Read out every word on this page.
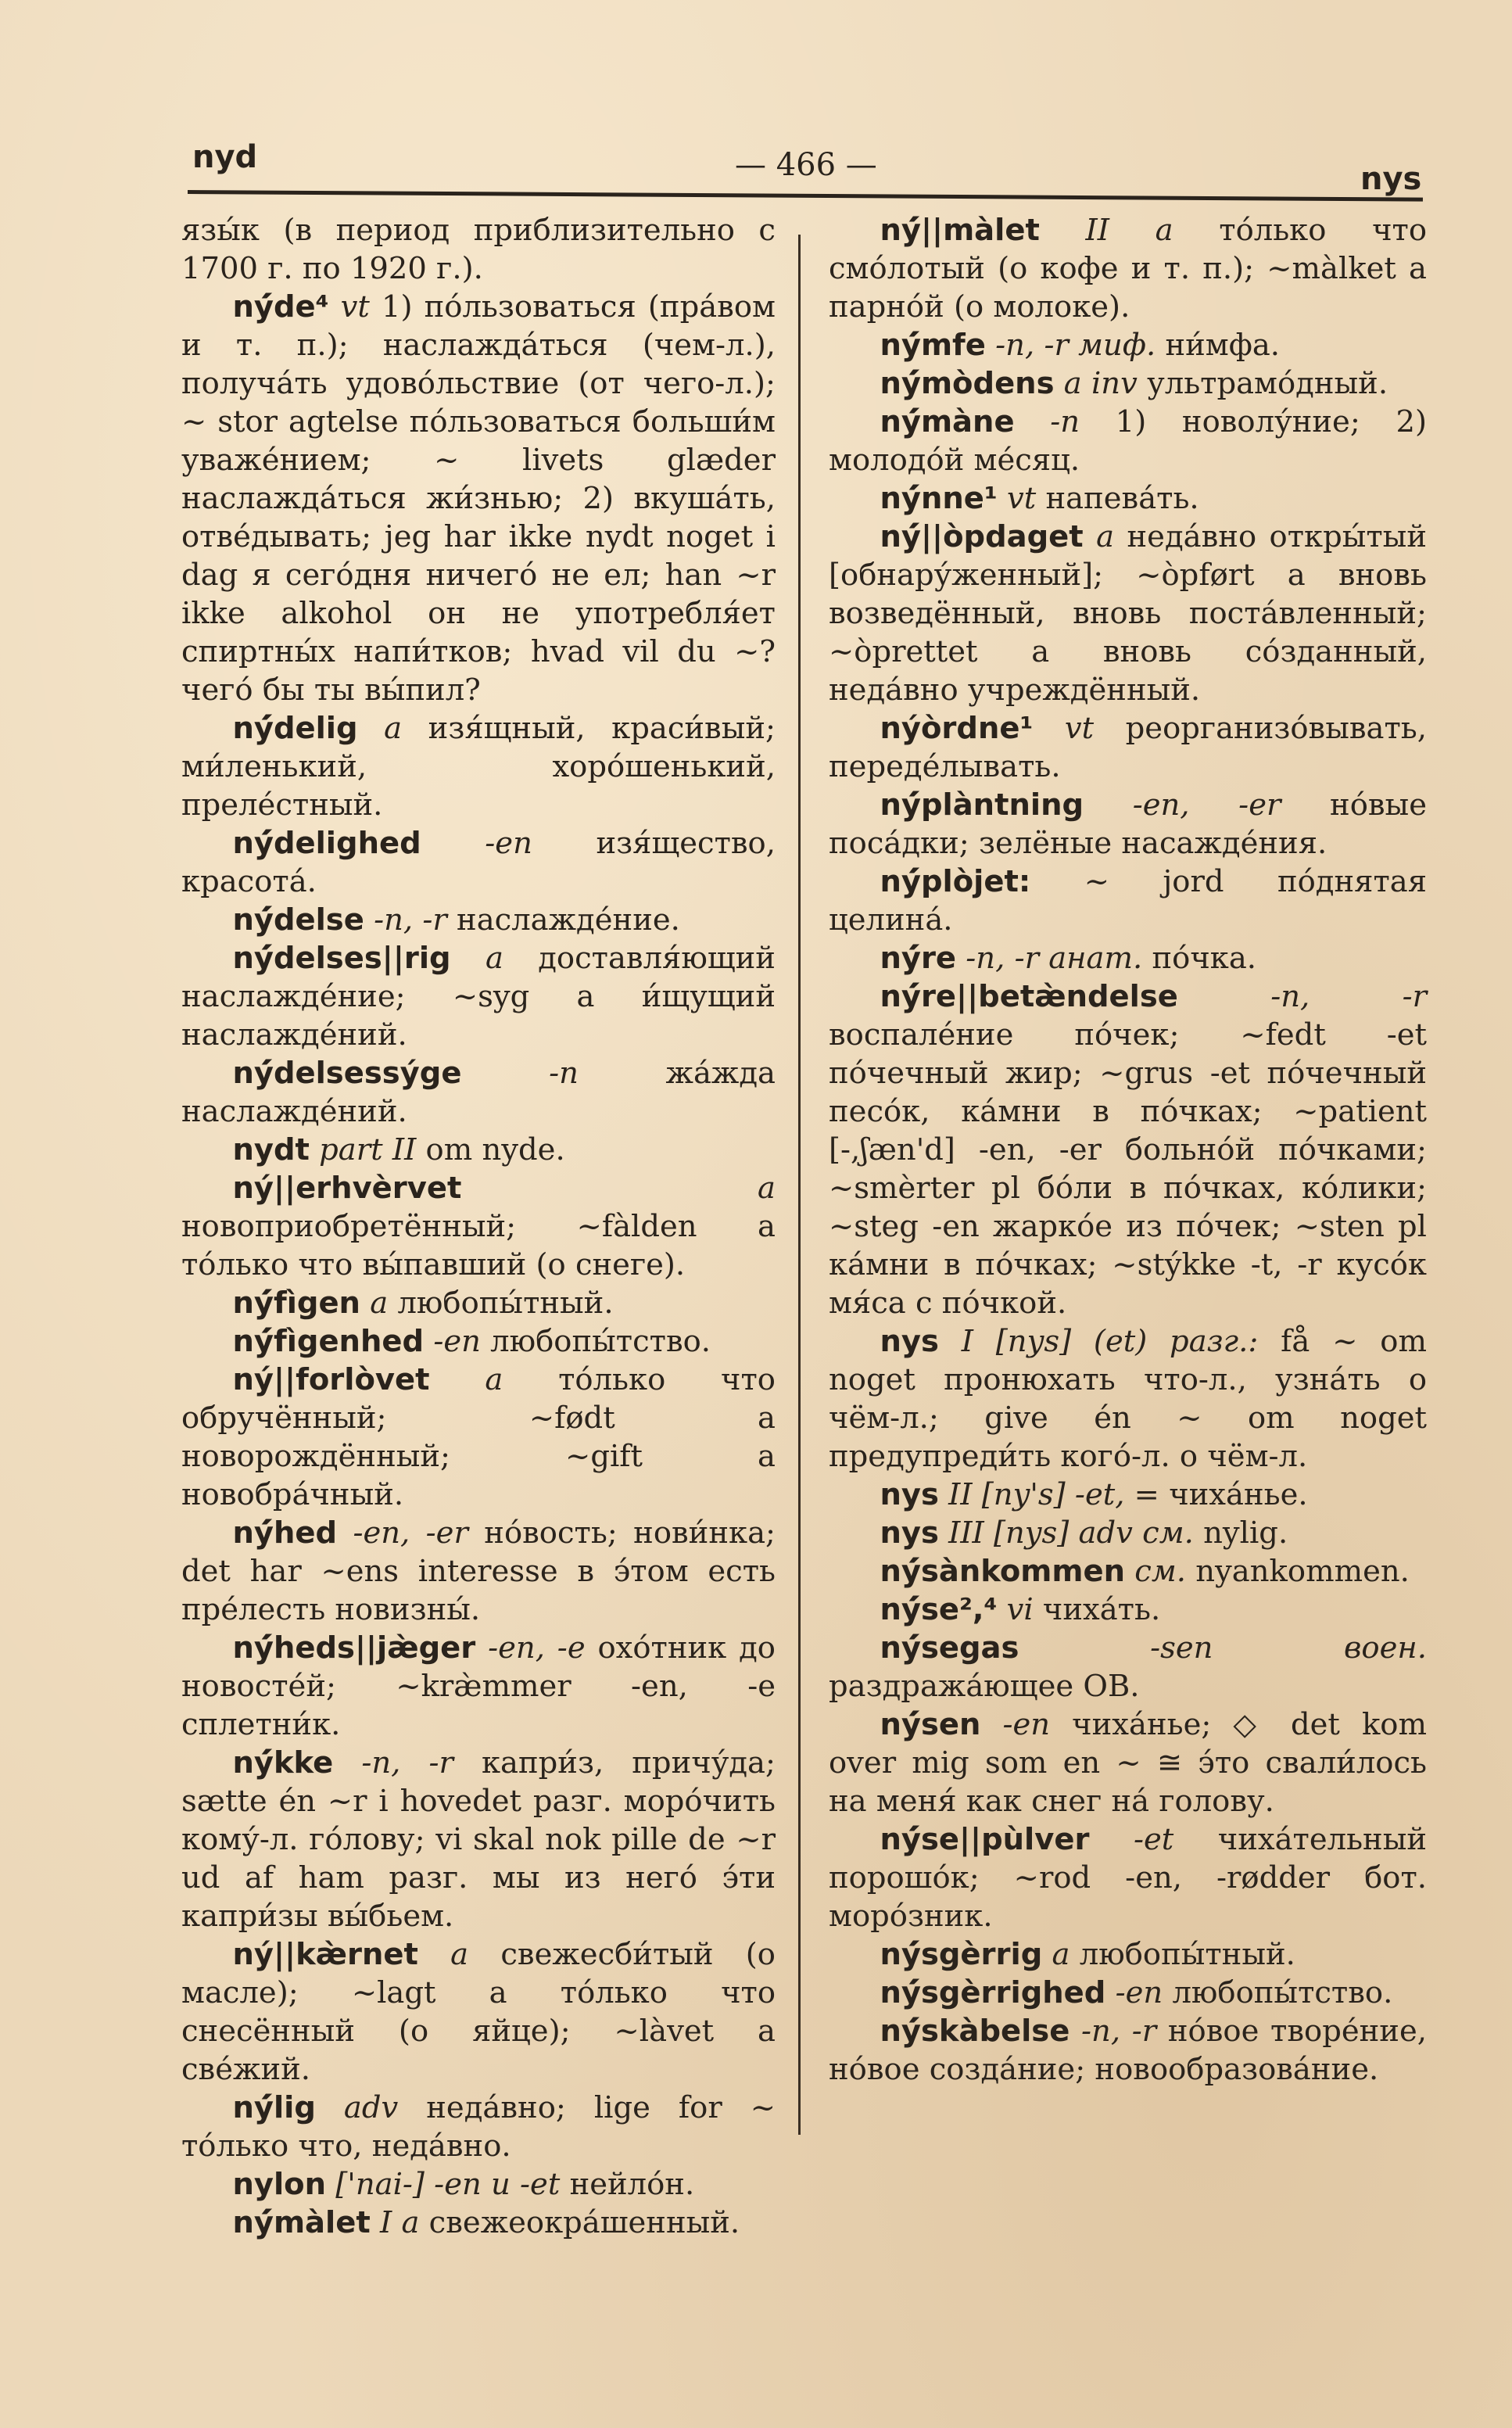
nyd	— 466 —	nys

язы́к (в период приблизительно с 1700 г. по 1920 г.).

ný́de⁴ vt 1) по́льзоваться (пра́вом и т. п.); наслажда́ться (чем-л.), получа́ть удово́льствие (от чего-л.); ~ stor agtelse по́льзоваться больши́м уваже́нием; ~ livets glæder наслажда́ться жи́знью; 2) вкуша́ть, отве́дывать; jeg har ikke nydt noget i dag я сего́дня ничего́ не ел; han ~r ikke alkohol он не употребля́ет спиртны́х напи́тков; hvad vil du ~? чего́ бы ты вы́пил?

ný́delig a изя́щный, краси́вый; ми́ленький, хоро́шенький, преле́стный.

ný́delighed -en изя́щество, красота́.

ný́delse -n, -r наслажде́ние.

ný́delses||rig a доставля́ющий наслажде́ние; ~syg a и́щущий наслажде́ний.

ný́delsessýge	-n	жа́жда наслажде́ний.

nydt part II om nyde.

ný||erhvèrvet	a новоприобретённый; ~fàlden a то́лько что вы́павший (о снеге).

ný́fìgen a любопы́тный.

ný́fìgenhed -en любопы́тство.

ný||forlòvet a то́лько что обручённый; ~født a новорождённый; ~gift a новобра́чный.

ný́hed -en, -er но́вость; нови́нка; det har ~ens interesse в э́том есть пре́лесть новизны́.

ný́heds||jæ̀ger -en, -e охо́тник до новосте́й; ~kræ̀mmer -en, -e сплетни́к.

ný́kke -n, -r капри́з, причу́да; sætte én ~r i hovedet разг. моро́чить кому́-л. го́лову; vi skal nok pille de ~r ud af ham разг. мы из него́ э́ти капри́зы вы́бьем.

ný||kæ̀rnet a свежесби́тый (о масле); ~lagt a то́лько что снесённый (о яйце); ~làvet a све́жий.

ný́lig adv неда́вно; lige for ~ то́лько что, неда́вно.

nylon ['nai-] -en u -et нейло́н.

ný́màlet I a свежеокра́шенный.

ný́||màlet II a то́лько что смо́лотый (о кофе и т. п.); ~màlket a парно́й (о молоке).

ný́mfe -n, -r миф. ни́мфа.

ný́mòdens a inv ультрамо́дный.

ný́màne -n 1) новолу́ние; 2) молодо́й ме́сяц.

ný́nne¹ vt напева́ть.

ný́||òpdaget a неда́вно откры́тый [обнару́женный]; ~òpført a вновь возведённый, вновь поста́вленный; ~òprettet a вновь со́зданный, неда́вно учреждённый.

nýòrdne¹ vt реорганизо́вывать, переде́лывать.

ný́plàntning -en, -er но́вые поса́дки; зелёные насажде́ния.

ný́plòjet: ~ jord по́днятая целина́.

ný́re -n, -r анат. по́чка.

ný́re||betæ̀ndelse	-n, -r воспале́ние по́чек; ~fedt -et по́чечный жир; ~grus -et по́чечный песо́к, ка́мни в по́чках; ~patient [-,ʃæn'd] -en, -er больно́й по́чками; ~smèrter pl бо́ли в по́чках, ко́лики; ~steg -en жарко́е из по́чек; ~sten pl ка́мни в по́чках; ~stýkke -t, -r кусо́к мя́са с по́чкой.

nys I [nys] (et) разг.: få ~ om noget пронюхать что-л., узна́ть о чём-л.; give én ~ om noget предупреди́ть кого́-л. о чём-л.

nys II [ny's] -et, = чиха́нье.

nys III [nys] adv см. nylig.

ný́sànkommen см. nyankommen.

ný́se²,⁴ vi чиха́ть.

ný́segas	-sen воен. раздража́ющее ОВ.

ný́sen -en чиха́нье; ◇ det kom over mig som en ~ ≅ э́то свали́лось на меня́ как снег на́ голову.

ný́se||pùlver -et чиха́тельный порошо́к; ~rod -en, -rødder бот. моро́зник.

ný́sgèrrig a любопы́тный.

ný́sgèrrighed -en любопы́тство.

ný́skàbelse -n, -r но́вое творе́ние, но́вое созда́ние; новообразова́ние.
